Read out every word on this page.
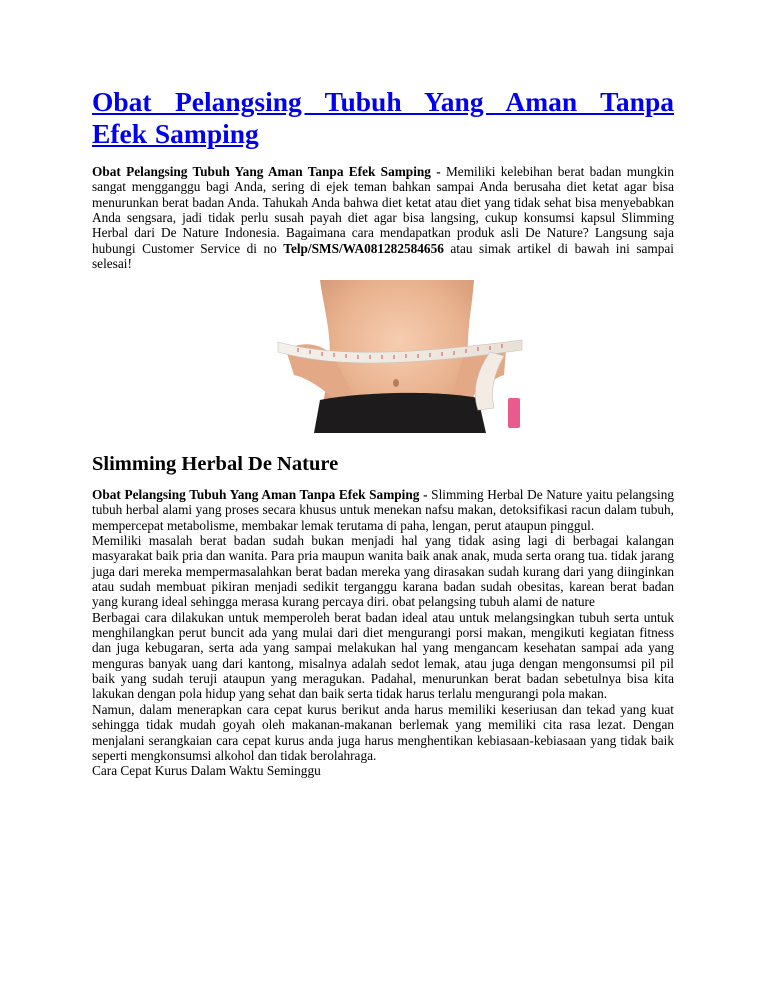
Obat Pelangsing Tubuh Yang Aman Tanpa
Efek Samping

Obat Pelangsing Tubuh Yang Aman Tanpa Efek Samping - Memiliki kelebihan berat badan mungkin sangat mengganggu bagi Anda, sering di ejek teman bahkan sampai Anda berusaha diet ketat agar bisa menurunkan berat badan Anda. Tahukah Anda bahwa diet ketat atau diet yang tidak sehat bisa menyebabkan Anda sengsara, jadi tidak perlu susah payah diet agar bisa langsing, cukup konsumsi kapsul Slimming Herbal dari De Nature Indonesia. Bagaimana cara mendapatkan produk asli De Nature? Langsung saja hubungi Customer Service di no Telp/SMS/WA081282584656 atau simak artikel di bawah ini sampai selesai!

Slimming Herbal De Nature
Obat Pelangsing Tubuh Yang Aman Tanpa Efek Samping - Slimming Herbal De Nature yaitu pelangsing tubuh herbal alami yang proses secara khusus untuk menekan nafsu makan, detoksifikasi racun dalam tubuh, mempercepat metabolisme, membakar lemak terutama di paha, lengan, perut ataupun pinggul.
Memiliki masalah berat badan sudah bukan menjadi hal yang tidak asing lagi di berbagai kalangan masyarakat baik pria dan wanita. Para pria maupun wanita baik anak anak, muda serta orang tua. tidak jarang juga dari mereka mempermasalahkan berat badan mereka yang dirasakan sudah kurang dari yang diinginkan atau sudah membuat pikiran menjadi sedikit terganggu karana badan sudah obesitas, karean berat badan yang kurang ideal sehingga merasa kurang percaya diri. obat pelangsing tubuh alami de nature
Berbagai cara dilakukan untuk memperoleh berat badan ideal atau untuk melangsingkan tubuh serta untuk menghilangkan perut buncit ada yang mulai dari diet mengurangi porsi makan, mengikuti kegiatan fitness dan juga kebugaran, serta ada yang sampai melakukan hal yang mengancam kesehatan sampai ada yang menguras banyak uang dari kantong, misalnya adalah sedot lemak, atau juga dengan mengonsumsi pil pil baik yang sudah teruji ataupun yang meragukan. Padahal, menurunkan berat badan sebetulnya bisa kita lakukan dengan pola hidup yang sehat dan baik serta tidak harus terlalu mengurangi pola makan.
Namun, dalam menerapkan cara cepat kurus berikut anda harus memiliki keseriusan dan tekad yang kuat sehingga tidak mudah goyah oleh makanan-makanan berlemak yang memiliki cita rasa lezat. Dengan menjalani serangkaian cara cepat kurus anda juga harus menghentikan kebiasaan-kebiasaan yang tidak baik seperti mengkonsumsi alkohol dan tidak berolahraga.
Cara Cepat Kurus Dalam Waktu Seminggu
